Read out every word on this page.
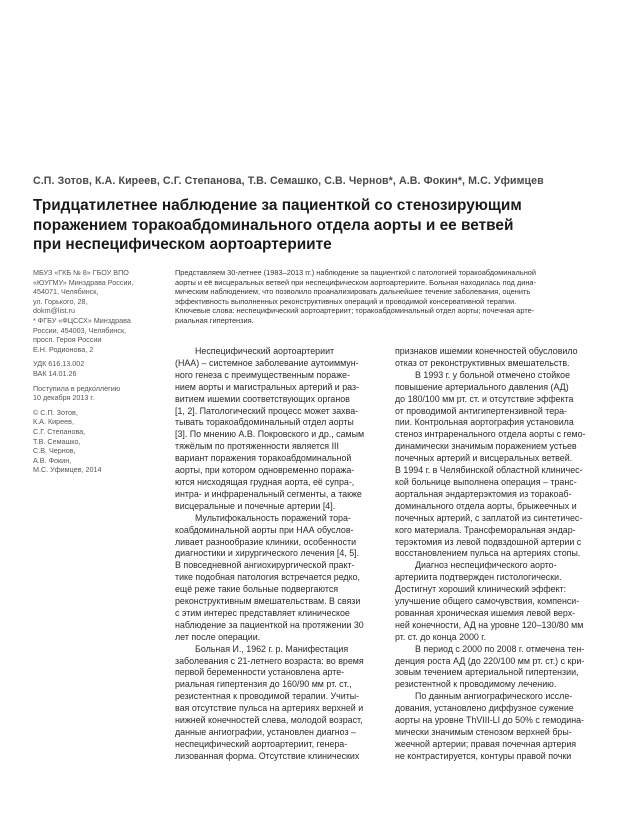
С.П. Зотов, К.А. Киреев, С.Г. Степанова, Т.В. Семашко, С.В. Чернов*, А.В. Фокин*, М.С. Уфимцев
Тридцатилетнее наблюдение за пациенткой со стенозирующим
поражением торакоабдоминального отдела аорты и ее ветвей
при неспецифическом аортоартериите
МБУЗ «ГКБ № 8» ГБОУ ВПО
«ЮУГМУ» Минздрава России,
454071, Челябинск,
ул. Горького, 28,
dokm@list.ru
* ФГБУ «ФЦССХ» Минздрава
России, 454003, Челябинск,
просп. Героя России
Е.Н. Родионова, 2
УДК 616.13.002
ВАК 14.01.26
Поступила в редколлегию
10 декабря 2013 г.
© С.П. Зотов,
К.А. Киреев,
С.Г. Степанова,
Т.В. Семашко,
С.В. Чернов,
А.В. Фокин,
М.С. Уфимцев, 2014
Представляем 30-летнее (1983–2013 гг.) наблюдение за пациенткой с патологией торакоабдоминальной
аорты и её висцеральных ветвей при неспецифическом аортоартериите. Больная находилась под дина-
мическим наблюдением, что позволило проанализировать дальнейшее течение заболевания, оценить
эффективность выполненных реконструктивных операций и проводимой консервативной терапии.
Ключевые слова: неспецифический аортоартериит; торакоабдоминальный отдел аорты; почечная арте-
риальная гипертензия.
Неспецифический аортоартериит
(НАА) – системное заболевание аутоиммун-
ного генеза с преимущественным пораже-
нием аорты и магистральных артерий и раз-
витием ишемии соответствующих органов
[1, 2]. Патологический процесс может захва-
тывать торакоабдоминальный отдел аорты
[3]. По мнению А.В. Покровского и др., самым
тяжёлым по протяженности является III
вариант поражения торакоабдоминальной
аорты, при котором одновременно поража-
ются нисходящая грудная аорта, её супра-,
интра- и инфраренальный сегменты, а также
висцеральные и почечные артерии [4].
Мультифокальность поражений тора-
коабдоминальной аорты при НАА обуслов-
ливает разнообразие клиники, особенности
диагностики и хирургического лечения [4, 5].
В повседневной ангиохирургической практ-
тике подобная патология встречается редко,
ещё реже такие больные подвергаются
реконструктивным вмешательствам. В связи
с этим интерес представляет клиническое
наблюдение за пациенткой на протяжении 30
лет после операции.
Больная И., 1962 г. р. Манифестация
заболевания с 21-летнего возраста: во время
первой беременности установлена арте-
риальная гипертензия до 160/90 мм рт. ст.,
резистентная к проводимой терапии. Учиты-
вая отсутствие пульса на артериях верхней и
нижней конечностей слева, молодой возраст,
данные ангиографии, установлен диагноз –
неспецифический аортоартериит, генера-
лизованная форма. Отсутствие клинических
признаков ишемии конечностей обусловило
отказ от реконструктивных вмешательств.
В 1993 г. у больной отмечено стойкое
повышение артериального давления (АД)
до 180/100 мм рт. ст. и отсутствие эффекта
от проводимой антигипертензивной тера-
пии. Контрольная аортография установила
стеноз интраренального отдела аорты с гемо-
динамически значимым поражением устьев
почечных артерий и висцеральных ветвей.
В 1994 г. в Челябинской областной клиничес-
кой больнице выполнена операция – транс-
аортальная эндартерэктомия из торакоаб-
доминального отдела аорты, брыжеечных и
почечных артерий, с заплатой из синтетичес-
кого материала. Трансфеморальная эндар-
терэктомия из левой подвздошной артерии с
восстановлением пульса на артериях стопы.
Диагноз неспецифического аорто-
артериита подтвержден гистологически.
Достигнут хороший клинический эффект:
улучшение общего самочувствия, компенси-
рованная хроническая ишемия левой верх-
ней конечности, АД на уровне 120–130/80 мм
рт. ст. до конца 2000 г.
В период с 2000 по 2008 г. отмечена тен-
денция роста АД (до 220/100 мм рт. ст.) с кри-
зовым течением артериальной гипертензии,
резистентной к проводимому лечению.
По данным ангиографического иссле-
дования, установлено диффузное сужение
аорты на уровне ThVIII-LI до 50% с гемодина-
мически значимым стенозом верхней бры-
жеечной артерии; правая почечная артерия
не контрастируется, контуры правой почки
